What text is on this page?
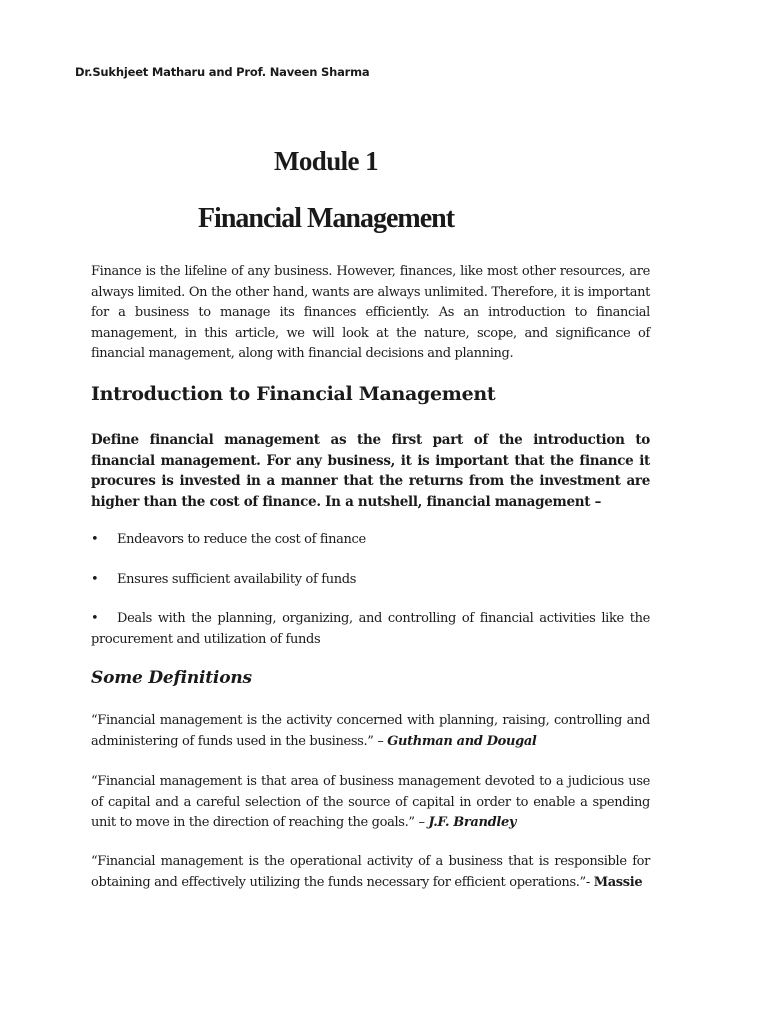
Dr.Sukhjeet Matharu and Prof. Naveen Sharma
Module 1
Financial Management
Finance is the lifeline of any business. However, finances, like most other resources, are always limited. On the other hand, wants are always unlimited. Therefore, it is important for a business to manage its finances efficiently. As an introduction to financial management, in this article, we will look at the nature, scope, and significance of financial management, along with financial decisions and planning.
Introduction to Financial Management
Define financial management as the first part of the introduction to financial management. For any business, it is important that the finance it procures is invested in a manner that the returns from the investment are higher than the cost of finance. In a nutshell, financial management –
• Endeavors to reduce the cost of finance
• Ensures sufficient availability of funds
• Deals with the planning, organizing, and controlling of financial activities like the procurement and utilization of funds
Some Definitions
“Financial management is the activity concerned with planning, raising, controlling and administering of funds used in the business.” – Guthman and Dougal
“Financial management is that area of business management devoted to a judicious use of capital and a careful selection of the source of capital in order to enable a spending unit to move in the direction of reaching the goals.” – J.F. Brandley
“Financial management is the operational activity of a business that is responsible for obtaining and effectively utilizing the funds necessary for efficient operations.”- Massie
